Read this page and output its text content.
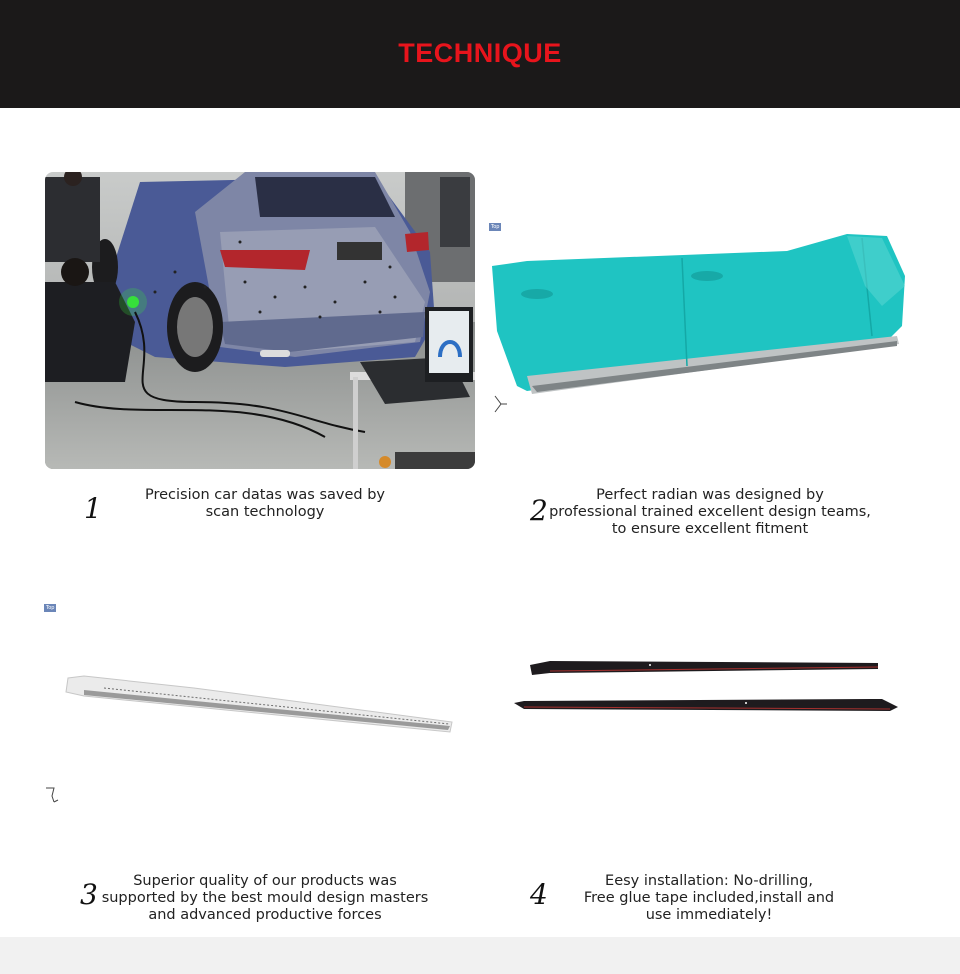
TECHNIQUE
Top
1	Precision car datas was saved by
scan technology	2	Perfect radian was designed by
professional trained excellent design teams,
to ensure excellent fitment
Top
3	Superior quality of our products was
supported by the best mould design masters
and advanced productive forces
4	Eesy installation: No-drilling,
Free glue tape included,install and
use immediately!
